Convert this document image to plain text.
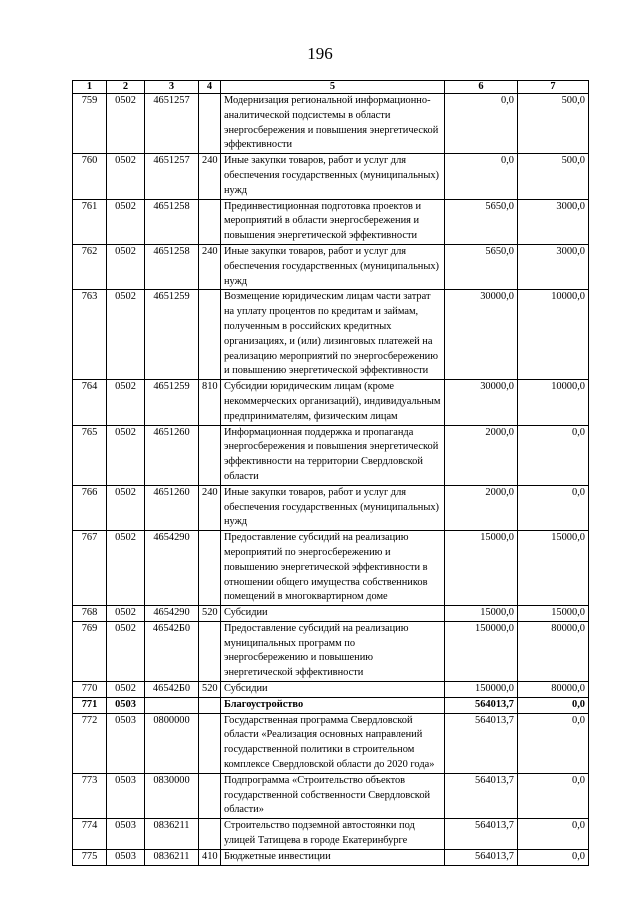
196
1	2	3	4	5	6	7
759	0502	4651257		Модернизация региональной информационно-аналитической подсистемы в области энергосбережения и повышения энергетической эффективности	0,0	500,0
760	0502	4651257	240	Иные закупки товаров, работ и услуг для обеспечения государственных (муниципальных) нужд	0,0	500,0
761	0502	4651258		Прединвестиционная подготовка проектов и мероприятий в области энергосбережения и повышения энергетической эффективности	5650,0	3000,0
762	0502	4651258	240	Иные закупки товаров, работ и услуг для обеспечения государственных (муниципальных) нужд	5650,0	3000,0
763	0502	4651259		Возмещение юридическим лицам части затрат на уплату процентов по кредитам и займам, полученным в российских кредитных организациях, и (или) лизинговых платежей на реализацию мероприятий по энергосбережению и повышению энергетической эффективности	30000,0	10000,0
764	0502	4651259	810	Субсидии юридическим лицам (кроме некоммерческих организаций), индивидуальным предпринимателям, физическим лицам	30000,0	10000,0
765	0502	4651260		Информационная поддержка и пропаганда энергосбережения и повышения энергетической эффективности на территории Свердловской области	2000,0	0,0
766	0502	4651260	240	Иные закупки товаров, работ и услуг для обеспечения государственных (муниципальных) нужд	2000,0	0,0
767	0502	4654290		Предоставление субсидий на реализацию мероприятий по энергосбережению и повышению энергетической эффективности в отношении общего имущества собственников помещений в многоквартирном доме	15000,0	15000,0
768	0502	4654290	520	Субсидии	15000,0	15000,0
769	0502	46542Б0		Предоставление субсидий на реализацию муниципальных программ по энергосбережению и повышению энергетической эффективности	150000,0	80000,0
770	0502	46542Б0	520	Субсидии	150000,0	80000,0
771	0503			Благоустройство	564013,7	0,0
772	0503	0800000		Государственная программа Свердловской области «Реализация основных направлений государственной политики в строительном комплексе Свердловской области до 2020 года»	564013,7	0,0
773	0503	0830000		Подпрограмма «Строительство объектов государственной собственности Свердловской области»	564013,7	0,0
774	0503	0836211		Строительство подземной автостоянки под улицей Татищева в городе Екатеринбурге	564013,7	0,0
775	0503	0836211	410	Бюджетные инвестиции	564013,7	0,0
